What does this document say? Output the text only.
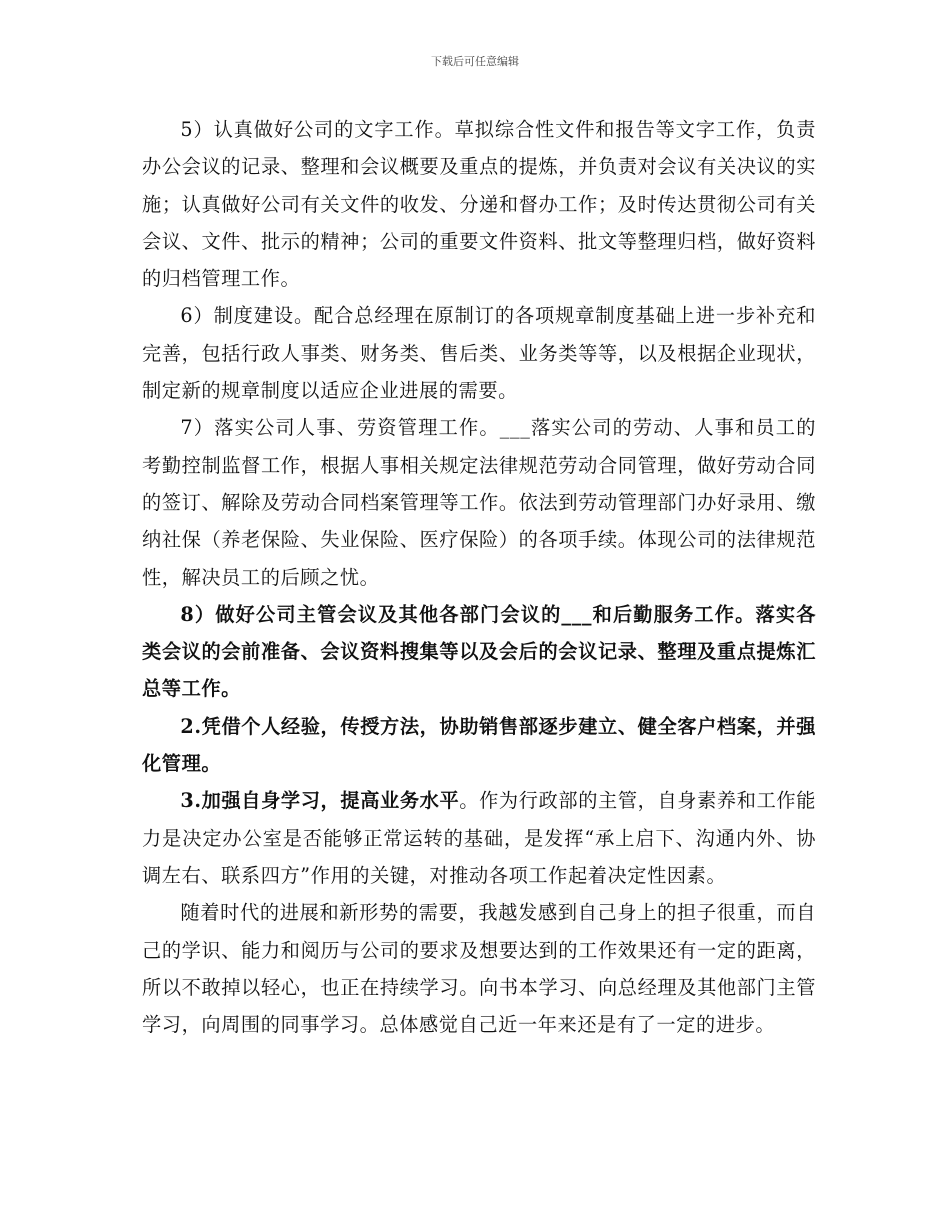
下载后可任意编辑

5）认真做好公司的文字工作。草拟综合性文件和报告等文字工作，负责办公会议的记录、整理和会议概要及重点的提炼，并负责对会议有关决议的实施；认真做好公司有关文件的收发、分递和督办工作；及时传达贯彻公司有关会议、文件、批示的精神；公司的重要文件资料、批文等整理归档，做好资料的归档管理工作。

6）制度建设。配合总经理在原制订的各项规章制度基础上进一步补充和完善，包括行政人事类、财务类、售后类、业务类等等，以及根据企业现状，制定新的规章制度以适应企业进展的需要。

7）落实公司人事、劳资管理工作。___落实公司的劳动、人事和员工的考勤控制监督工作，根据人事相关规定法律规范劳动合同管理，做好劳动合同的签订、解除及劳动合同档案管理等工作。依法到劳动管理部门办好录用、缴纳社保（养老保险、失业保险、医疗保险）的各项手续。体现公司的法律规范性，解决员工的后顾之忧。

8）做好公司主管会议及其他各部门会议的___和后勤服务工作。落实各类会议的会前准备、会议资料搜集等以及会后的会议记录、整理及重点提炼汇总等工作。

2.凭借个人经验，传授方法，协助销售部逐步建立、健全客户档案，并强化管理。

3.加强自身学习，提高业务水平。作为行政部的主管，自身素养和工作能力是决定办公室是否能够正常运转的基础，是发挥“承上启下、沟通内外、协调左右、联系四方”作用的关键，对推动各项工作起着决定性因素。

随着时代的进展和新形势的需要，我越发感到自己身上的担子很重，而自己的学识、能力和阅历与公司的要求及想要达到的工作效果还有一定的距离，所以不敢掉以轻心，也正在持续学习。向书本学习、向总经理及其他部门主管学习，向周围的同事学习。总体感觉自己近一年来还是有了一定的进步。
